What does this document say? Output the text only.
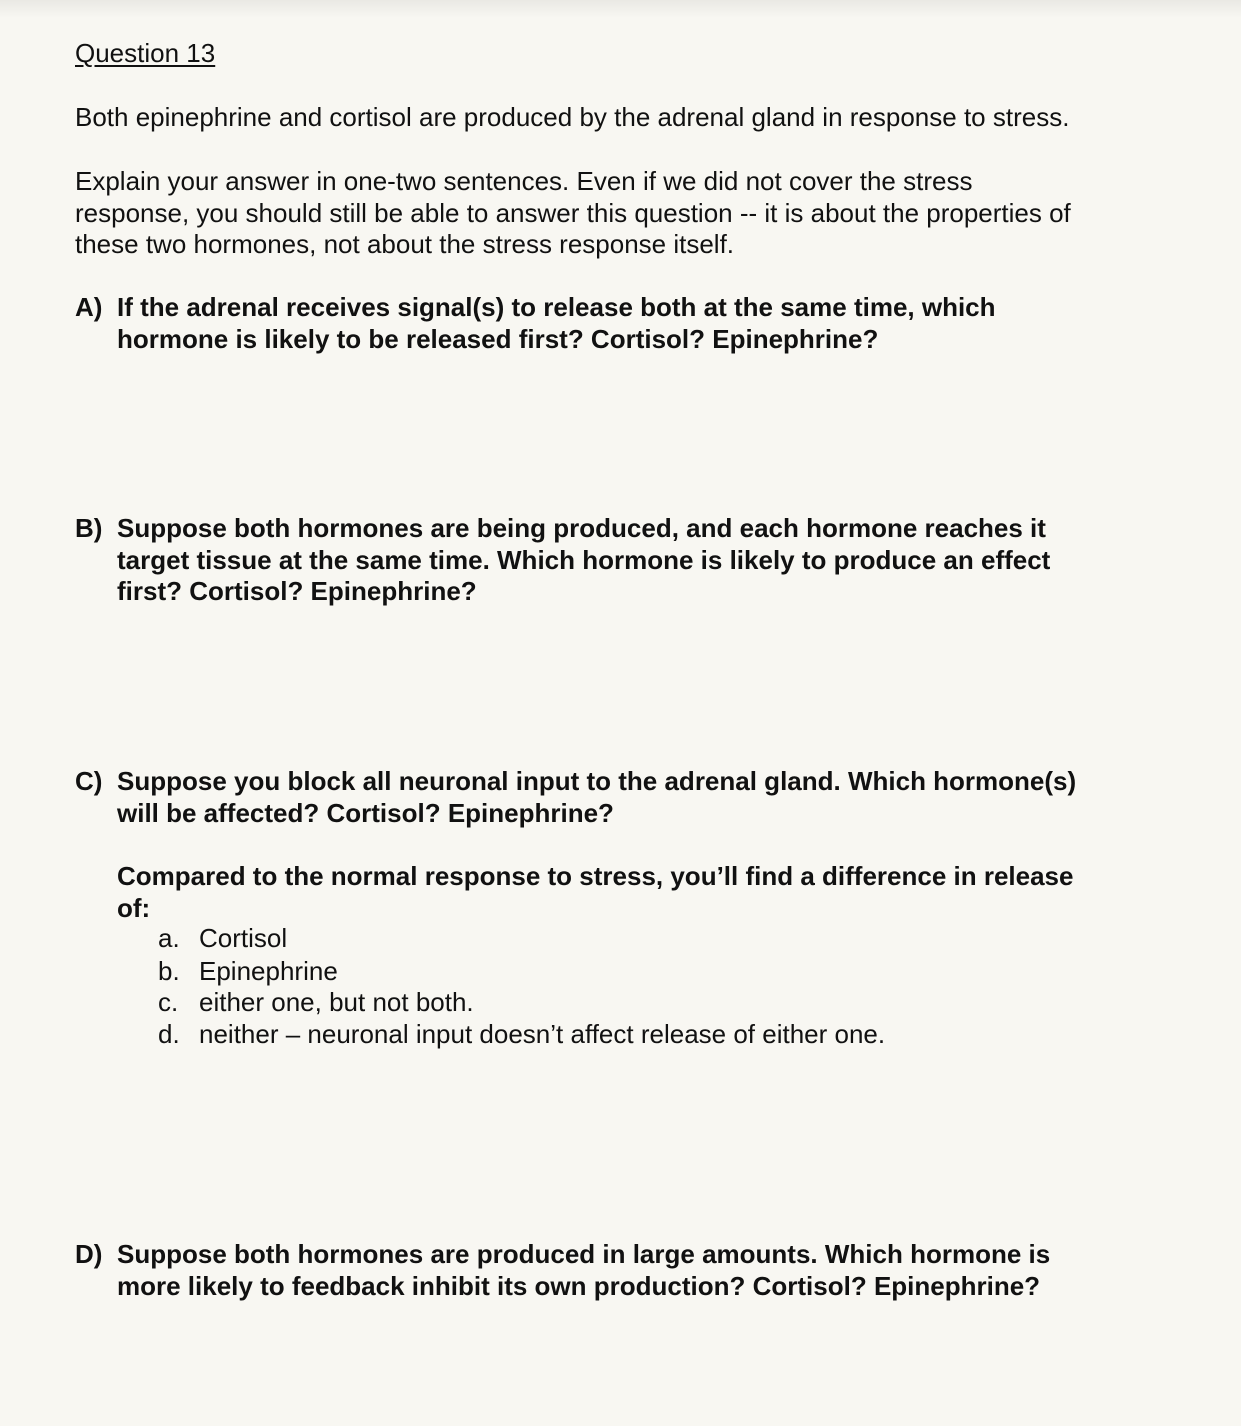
Question 13
Both epinephrine and cortisol are produced by the adrenal gland in response to stress.
Explain your answer in one-two sentences. Even if we did not cover the stress
response, you should still be able to answer this question -- it is about the properties of
these two hormones, not about the stress response itself.
A) If the adrenal receives signal(s) to release both at the same time, which
hormone is likely to be released first? Cortisol? Epinephrine?
B) Suppose both hormones are being produced, and each hormone reaches it
target tissue at the same time. Which hormone is likely to produce an effect
first? Cortisol? Epinephrine?
C) Suppose you block all neuronal input to the adrenal gland. Which hormone(s)
will be affected? Cortisol? Epinephrine?
Compared to the normal response to stress, you’ll find a difference in release
of:
a. Cortisol
b. Epinephrine
c. either one, but not both.
d. neither – neuronal input doesn’t affect release of either one.
D) Suppose both hormones are produced in large amounts. Which hormone is
more likely to feedback inhibit its own production? Cortisol? Epinephrine?
